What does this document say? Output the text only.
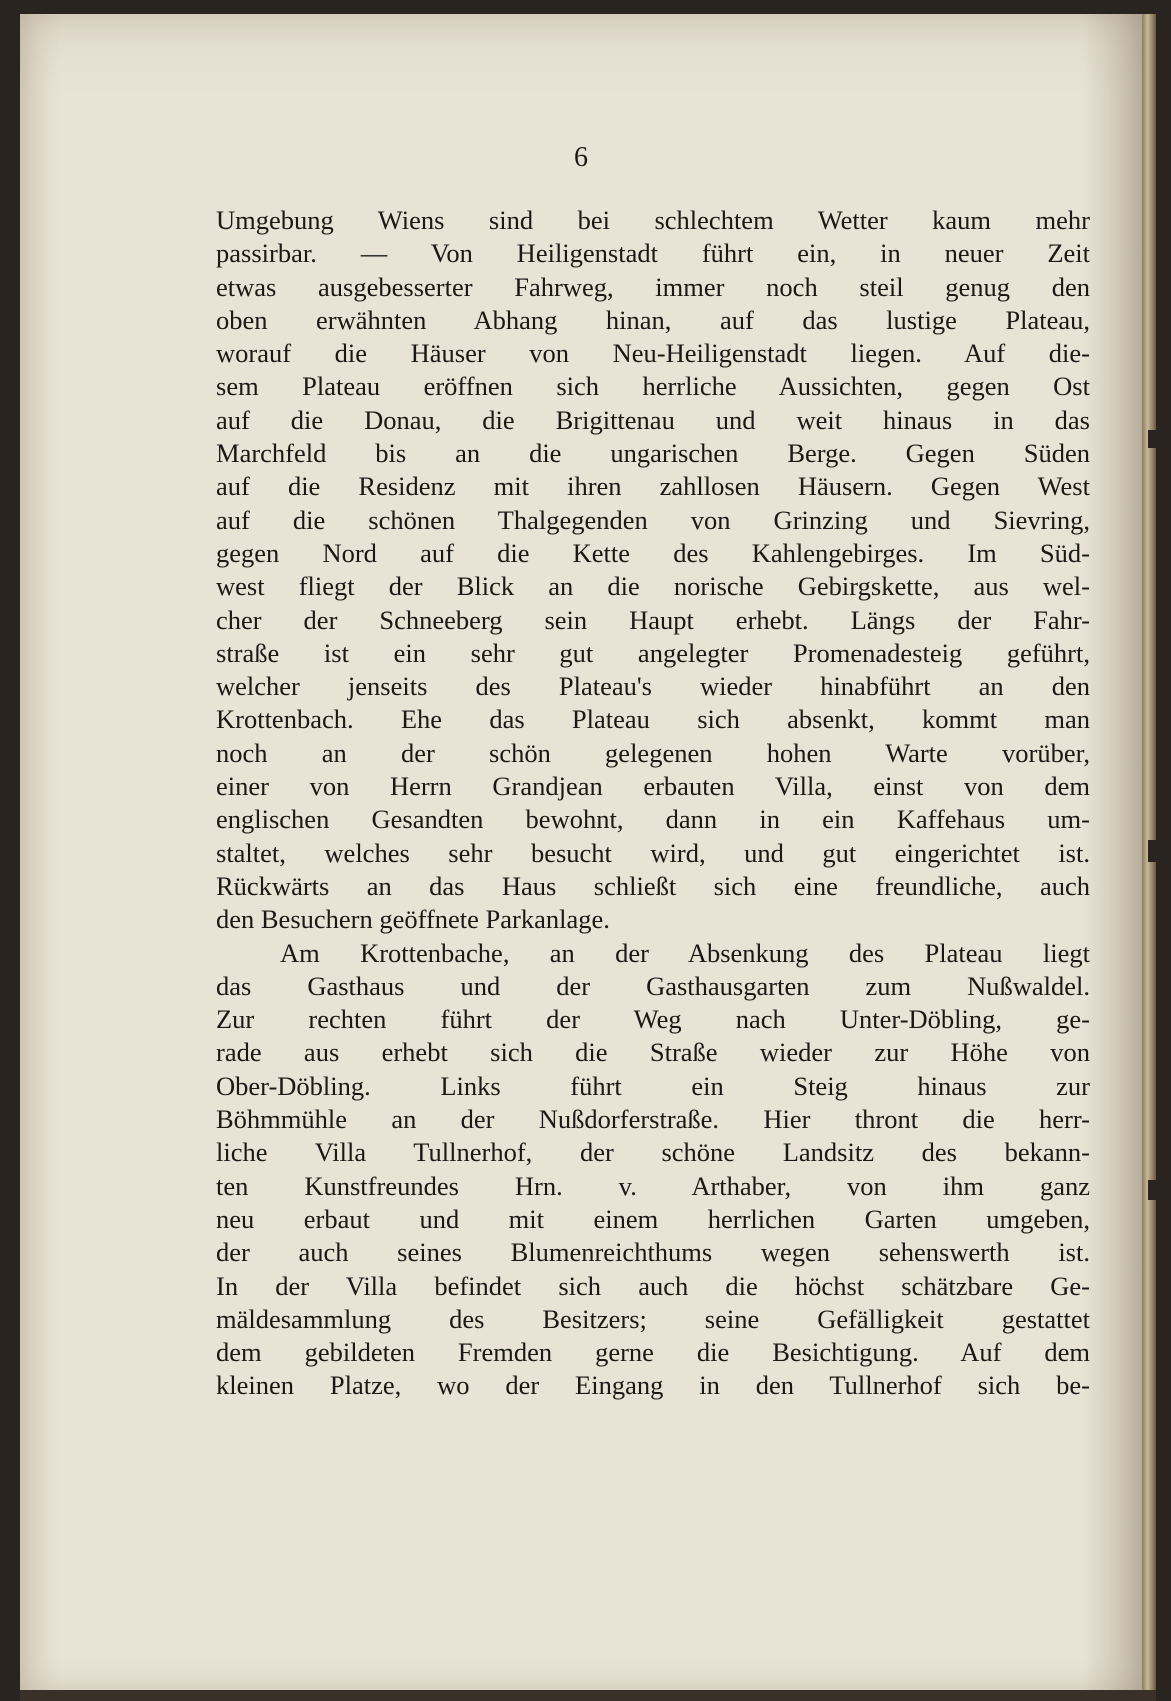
6
Umgebung Wiens sind bei schlechtem Wetter kaum mehr
passirbar. — Von Heiligenstadt führt ein, in neuer Zeit
etwas ausgebesserter Fahrweg, immer noch steil genug den
oben erwähnten Abhang hinan, auf das lustige Plateau,
worauf die Häuser von Neu-Heiligenstadt liegen. Auf die-
sem Plateau eröffnen sich herrliche Aussichten, gegen Ost
auf die Donau, die Brigittenau und weit hinaus in das
Marchfeld bis an die ungarischen Berge. Gegen Süden
auf die Residenz mit ihren zahllosen Häusern. Gegen West
auf die schönen Thalgegenden von Grinzing und Sievring,
gegen Nord auf die Kette des Kahlengebirges. Im Süd-
west fliegt der Blick an die norische Gebirgskette, aus wel-
cher der Schneeberg sein Haupt erhebt. Längs der Fahr-
straße ist ein sehr gut angelegter Promenadesteig geführt,
welcher jenseits des Plateau's wieder hinabführt an den
Krottenbach. Ehe das Plateau sich absenkt, kommt man
noch an der schön gelegenen hohen Warte vorüber,
einer von Herrn Grandjean erbauten Villa, einst von dem
englischen Gesandten bewohnt, dann in ein Kaffehaus um-
staltet, welches sehr besucht wird, und gut eingerichtet ist.
Rückwärts an das Haus schließt sich eine freundliche, auch
den Besuchern geöffnete Parkanlage.
Am Krottenbache, an der Absenkung des Plateau liegt
das Gasthaus und der Gasthausgarten zum Nußwaldel.
Zur rechten führt der Weg nach Unter-Döbling, ge-
rade aus erhebt sich die Straße wieder zur Höhe von
Ober-Döbling. Links führt ein Steig hinaus zur
Böhmmühle an der Nußdorferstraße. Hier thront die herr-
liche Villa Tullnerhof, der schöne Landsitz des bekann-
ten Kunstfreundes Hrn. v. Arthaber, von ihm ganz
neu erbaut und mit einem herrlichen Garten umgeben,
der auch seines Blumenreichthums wegen sehenswerth ist.
In der Villa befindet sich auch die höchst schätzbare Ge-
mäldesammlung des Besitzers; seine Gefälligkeit gestattet
dem gebildeten Fremden gerne die Besichtigung. Auf dem
kleinen Platze, wo der Eingang in den Tullnerhof sich be-
